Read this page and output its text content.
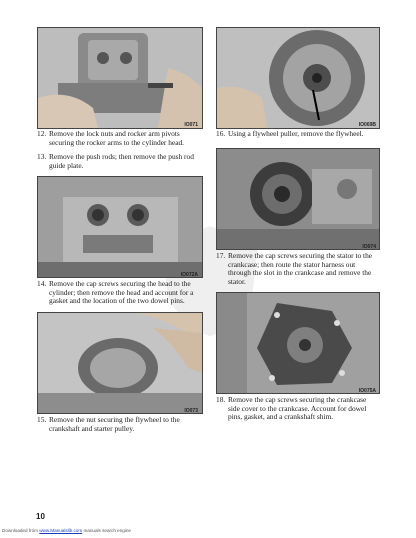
IO071
12. Remove the lock nuts and rocker arm pivots securing the rocker arms to the cylinder head.
13. Remove the push rods; then remove the push rod guide plate.
IO072A
14. Remove the cap screws securing the head to the cylinder; then remove the head and account for a gasket and the location of the two dowel pins.
IO073
15. Remove the nut securing the flywheel to the crankshaft and starter pulley.
IO069B
16. Using a flywheel puller, remove the flywheel.
IO074
17. Remove the cap screws securing the stator to the crankcase; then route the stator harness out through the slot in the crankcase and remove the stator.
IO075A
18. Remove the cap screws securing the crankcase side cover to the crankcase. Account for dowel pins, gasket, and a crankshaft shim.
10
Downloaded from www.Manualslib.com manuals search engine
